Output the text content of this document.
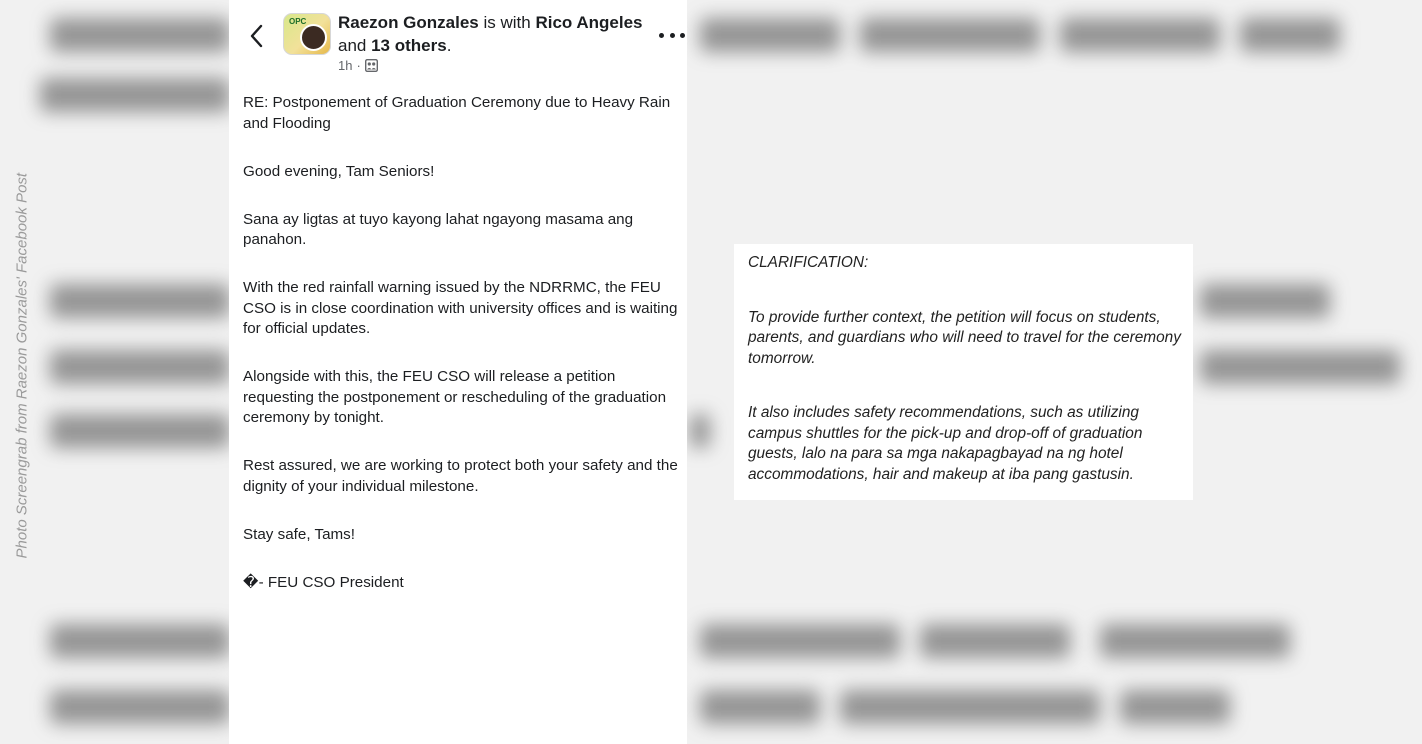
Photo Screengrab from Raezon Gonzales' Facebook Post
OPC Raezon Gonzales is with Rico Angeles
and 13 others.
1h ·

RE: Postponement of Graduation Ceremony due to Heavy Rain and Flooding

Good evening, Tam Seniors!

Sana ay ligtas at tuyo kayong lahat ngayong masama ang panahon.

With the red rainfall warning issued by the NDRRMC, the FEU CSO is in close coordination with university offices and is waiting for official updates.

Alongside with this, the FEU CSO will release a petition requesting the postponement or rescheduling of the graduation ceremony by tonight.

Rest assured, we are working to protect both your safety and the dignity of your individual milestone.

Stay safe, Tams!

�- FEU CSO President

CLARIFICATION:

To provide further context, the petition will focus on students, parents, and guardians who will need to travel for the ceremony tomorrow.

It also includes safety recommendations, such as utilizing campus shuttles for the pick-up and drop-off of graduation guests, lalo na para sa mga nakapagbayad na ng hotel accommodations, hair and makeup at iba pang gastusin.
